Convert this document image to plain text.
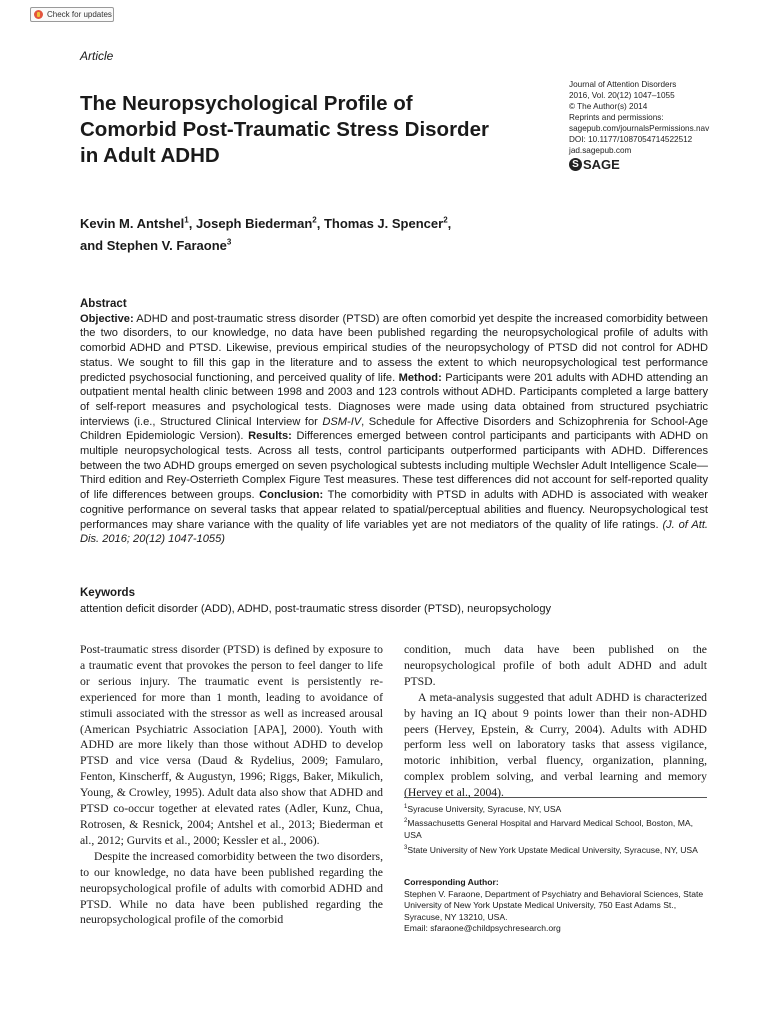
Check for updates
Article
The Neuropsychological Profile of Comorbid Post-Traumatic Stress Disorder in Adult ADHD
Journal of Attention Disorders
2016, Vol. 20(12) 1047–1055
© The Author(s) 2014
Reprints and permissions:
sagepub.com/journalsPermissions.nav
DOI: 10.1177/1087054714522512
jad.sagepub.com
S SAGE
Kevin M. Antshel$^1$, Joseph Biederman$^2$, Thomas J. Spencer$^2$,
and Stephen V. Faraone$^3$
Abstract
Objective: ADHD and post-traumatic stress disorder (PTSD) are often comorbid yet despite the increased comorbidity between the two disorders, to our knowledge, no data have been published regarding the neuropsychological profile of adults with comorbid ADHD and PTSD. Likewise, previous empirical studies of the neuropsychology of PTSD did not control for ADHD status. We sought to fill this gap in the literature and to assess the extent to which neuropsychological test performance predicted psychosocial functioning, and perceived quality of life. Method: Participants were 201 adults with ADHD attending an outpatient mental health clinic between 1998 and 2003 and 123 controls without ADHD. Participants completed a large battery of self-report measures and psychological tests. Diagnoses were made using data obtained from structured psychiatric interviews (i.e., Structured Clinical Interview for DSM-IV, Schedule for Affective Disorders and Schizophrenia for School-Age Children Epidemiologic Version). Results: Differences emerged between control participants and participants with ADHD on multiple neuropsychological tests. Across all tests, control participants outperformed participants with ADHD. Differences between the two ADHD groups emerged on seven psychological subtests including multiple Wechsler Adult Intelligence Scale—Third edition and Rey-Osterrieth Complex Figure Test measures. These test differences did not account for self-reported quality of life differences between groups. Conclusion: The comorbidity with PTSD in adults with ADHD is associated with weaker cognitive performance on several tasks that appear related to spatial/perceptual abilities and fluency. Neuropsychological test performances may share variance with the quality of life variables yet are not mediators of the quality of life ratings. (J. of Att. Dis. 2016; 20(12) 1047-1055)
Keywords
attention deficit disorder (ADD), ADHD, post-traumatic stress disorder (PTSD), neuropsychology

Post-traumatic stress disorder (PTSD) is defined by exposure to a traumatic event that provokes the person to feel danger to life or serious injury. The traumatic event is persistently re-experienced for more than 1 month, leading to avoidance of stimuli associated with the stressor as well as increased arousal (American Psychiatric Association [APA], 2000). Youth with ADHD are more likely than those without ADHD to develop PTSD and vice versa (Daud & Rydelius, 2009; Famularo, Fenton, Kinscherff, & Augustyn, 1996; Riggs, Baker, Mikulich, Young, & Crowley, 1995). Adult data also show that ADHD and PTSD co-occur together at elevated rates (Adler, Kunz, Chua, Rotrosen, & Resnick, 2004; Antshel et al., 2013; Biederman et al., 2012; Gurvits et al., 2000; Kessler et al., 2006).

Despite the increased comorbidity between the two disorders, to our knowledge, no data have been published regarding the neuropsychological profile of adults with comorbid ADHD and PTSD. While no data have been published regarding the neuropsychological profile of the comorbid

condition, much data have been published on the neuropsychological profile of both adult ADHD and adult PTSD.

A meta-analysis suggested that adult ADHD is characterized by having an IQ about 9 points lower than their non-ADHD peers (Hervey, Epstein, & Curry, 2004). Adults with ADHD perform less well on laboratory tasks that assess vigilance, motoric inhibition, verbal fluency, organization, planning, complex problem solving, and verbal learning and memory (Hervey et al., 2004).

$^1$Syracuse University, Syracuse, NY, USA
$^2$Massachusetts General Hospital and Harvard Medical School, Boston, MA, USA
$^3$State University of New York Upstate Medical University, Syracuse, NY, USA
Corresponding Author:
Stephen V. Faraone, Department of Psychiatry and Behavioral Sciences, State University of New York Upstate Medical University, 750 East Adams St., Syracuse, NY 13210, USA.
Email: sfaraone@childpsychresearch.org
